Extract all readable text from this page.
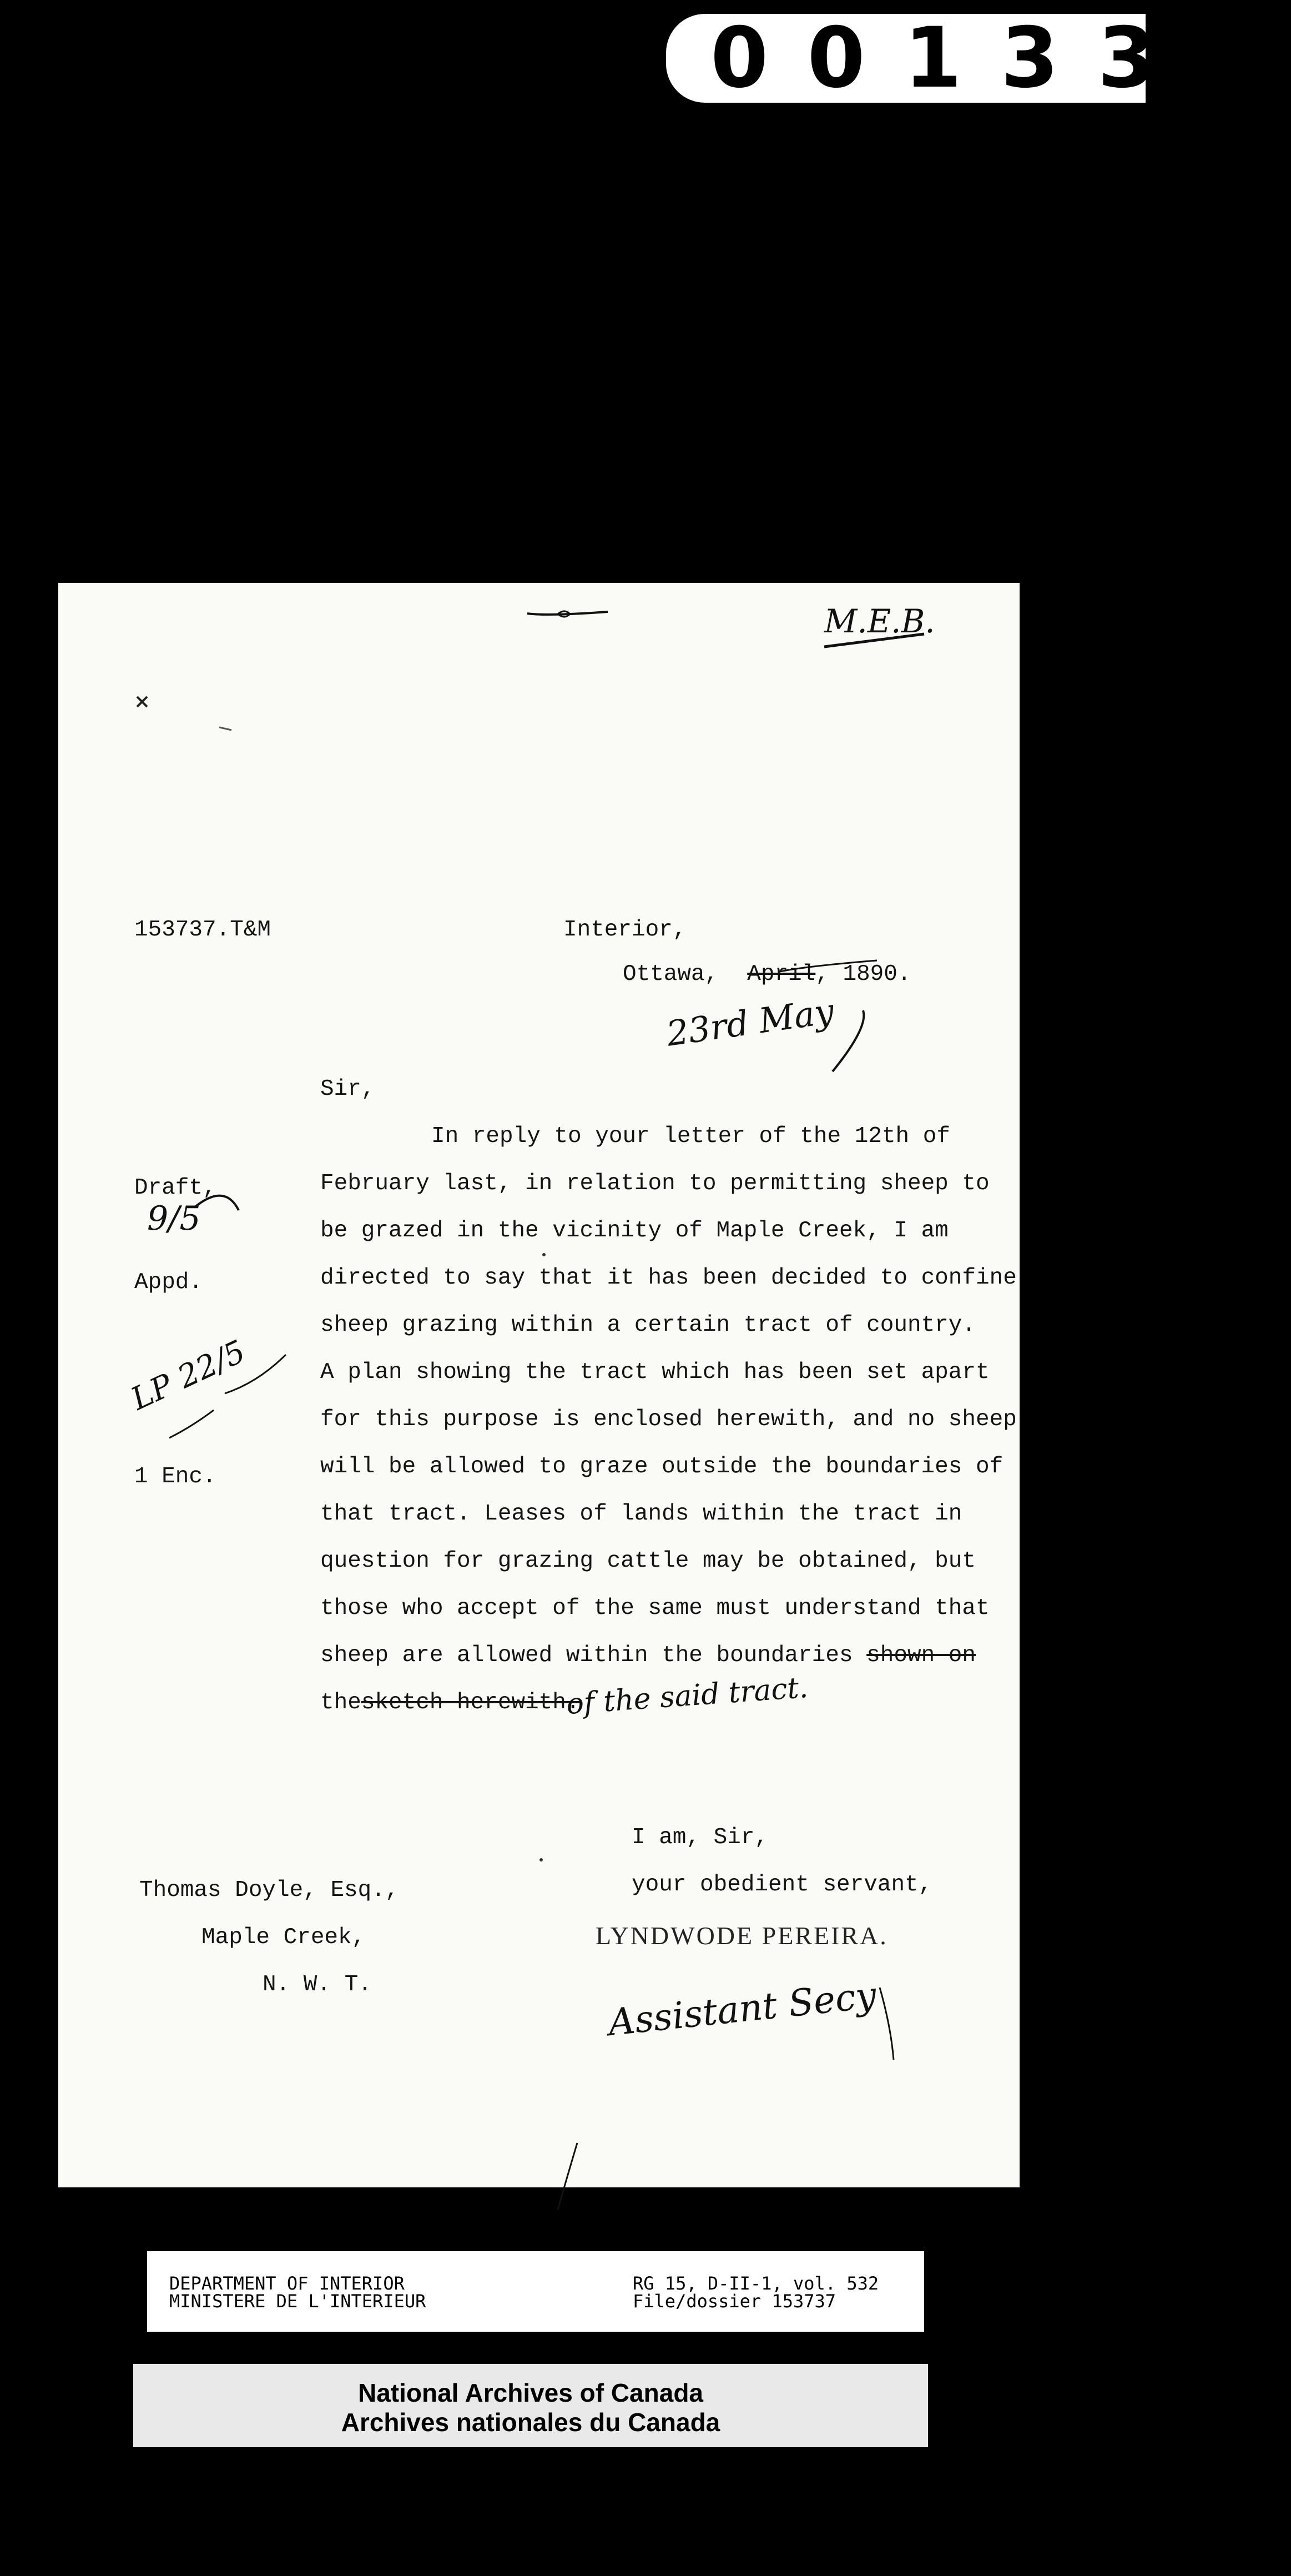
001334
M.E.B.
153737.T&M	Interior,
Ottawa, April, 1890.
23rd May
Sir,
Draft,
9/5
Appd.
LP 22/5
1 Enc.
In reply to your letter of the 12th of
February last, in relation to permitting sheep to
be grazed in the vicinity of Maple Creek, I am
directed to say that it has been decided to confine
sheep grazing within a certain tract of country.
A plan showing the tract which has been set apart
for this purpose is enclosed herewith, and no sheep
will be allowed to graze outside the boundaries of
that tract. Leases of lands within the tract in
question for grazing cattle may be obtained, but
those who accept of the same must understand that
sheep are allowed within the boundaries shown on
thesketch herewith.
of the said tract.
I am, Sir,
your obedient servant,
LYNDWODE PEREIRA.
Assistant Secy
Thomas Doyle, Esq.,
Maple Creek,
N. W. T.
DEPARTMENT OF INTERIOR
MINISTERE DE L'INTERIEUR
RG 15, D-II-1, vol. 532
File/dossier 153737
National Archives of Canada
Archives nationales du Canada
